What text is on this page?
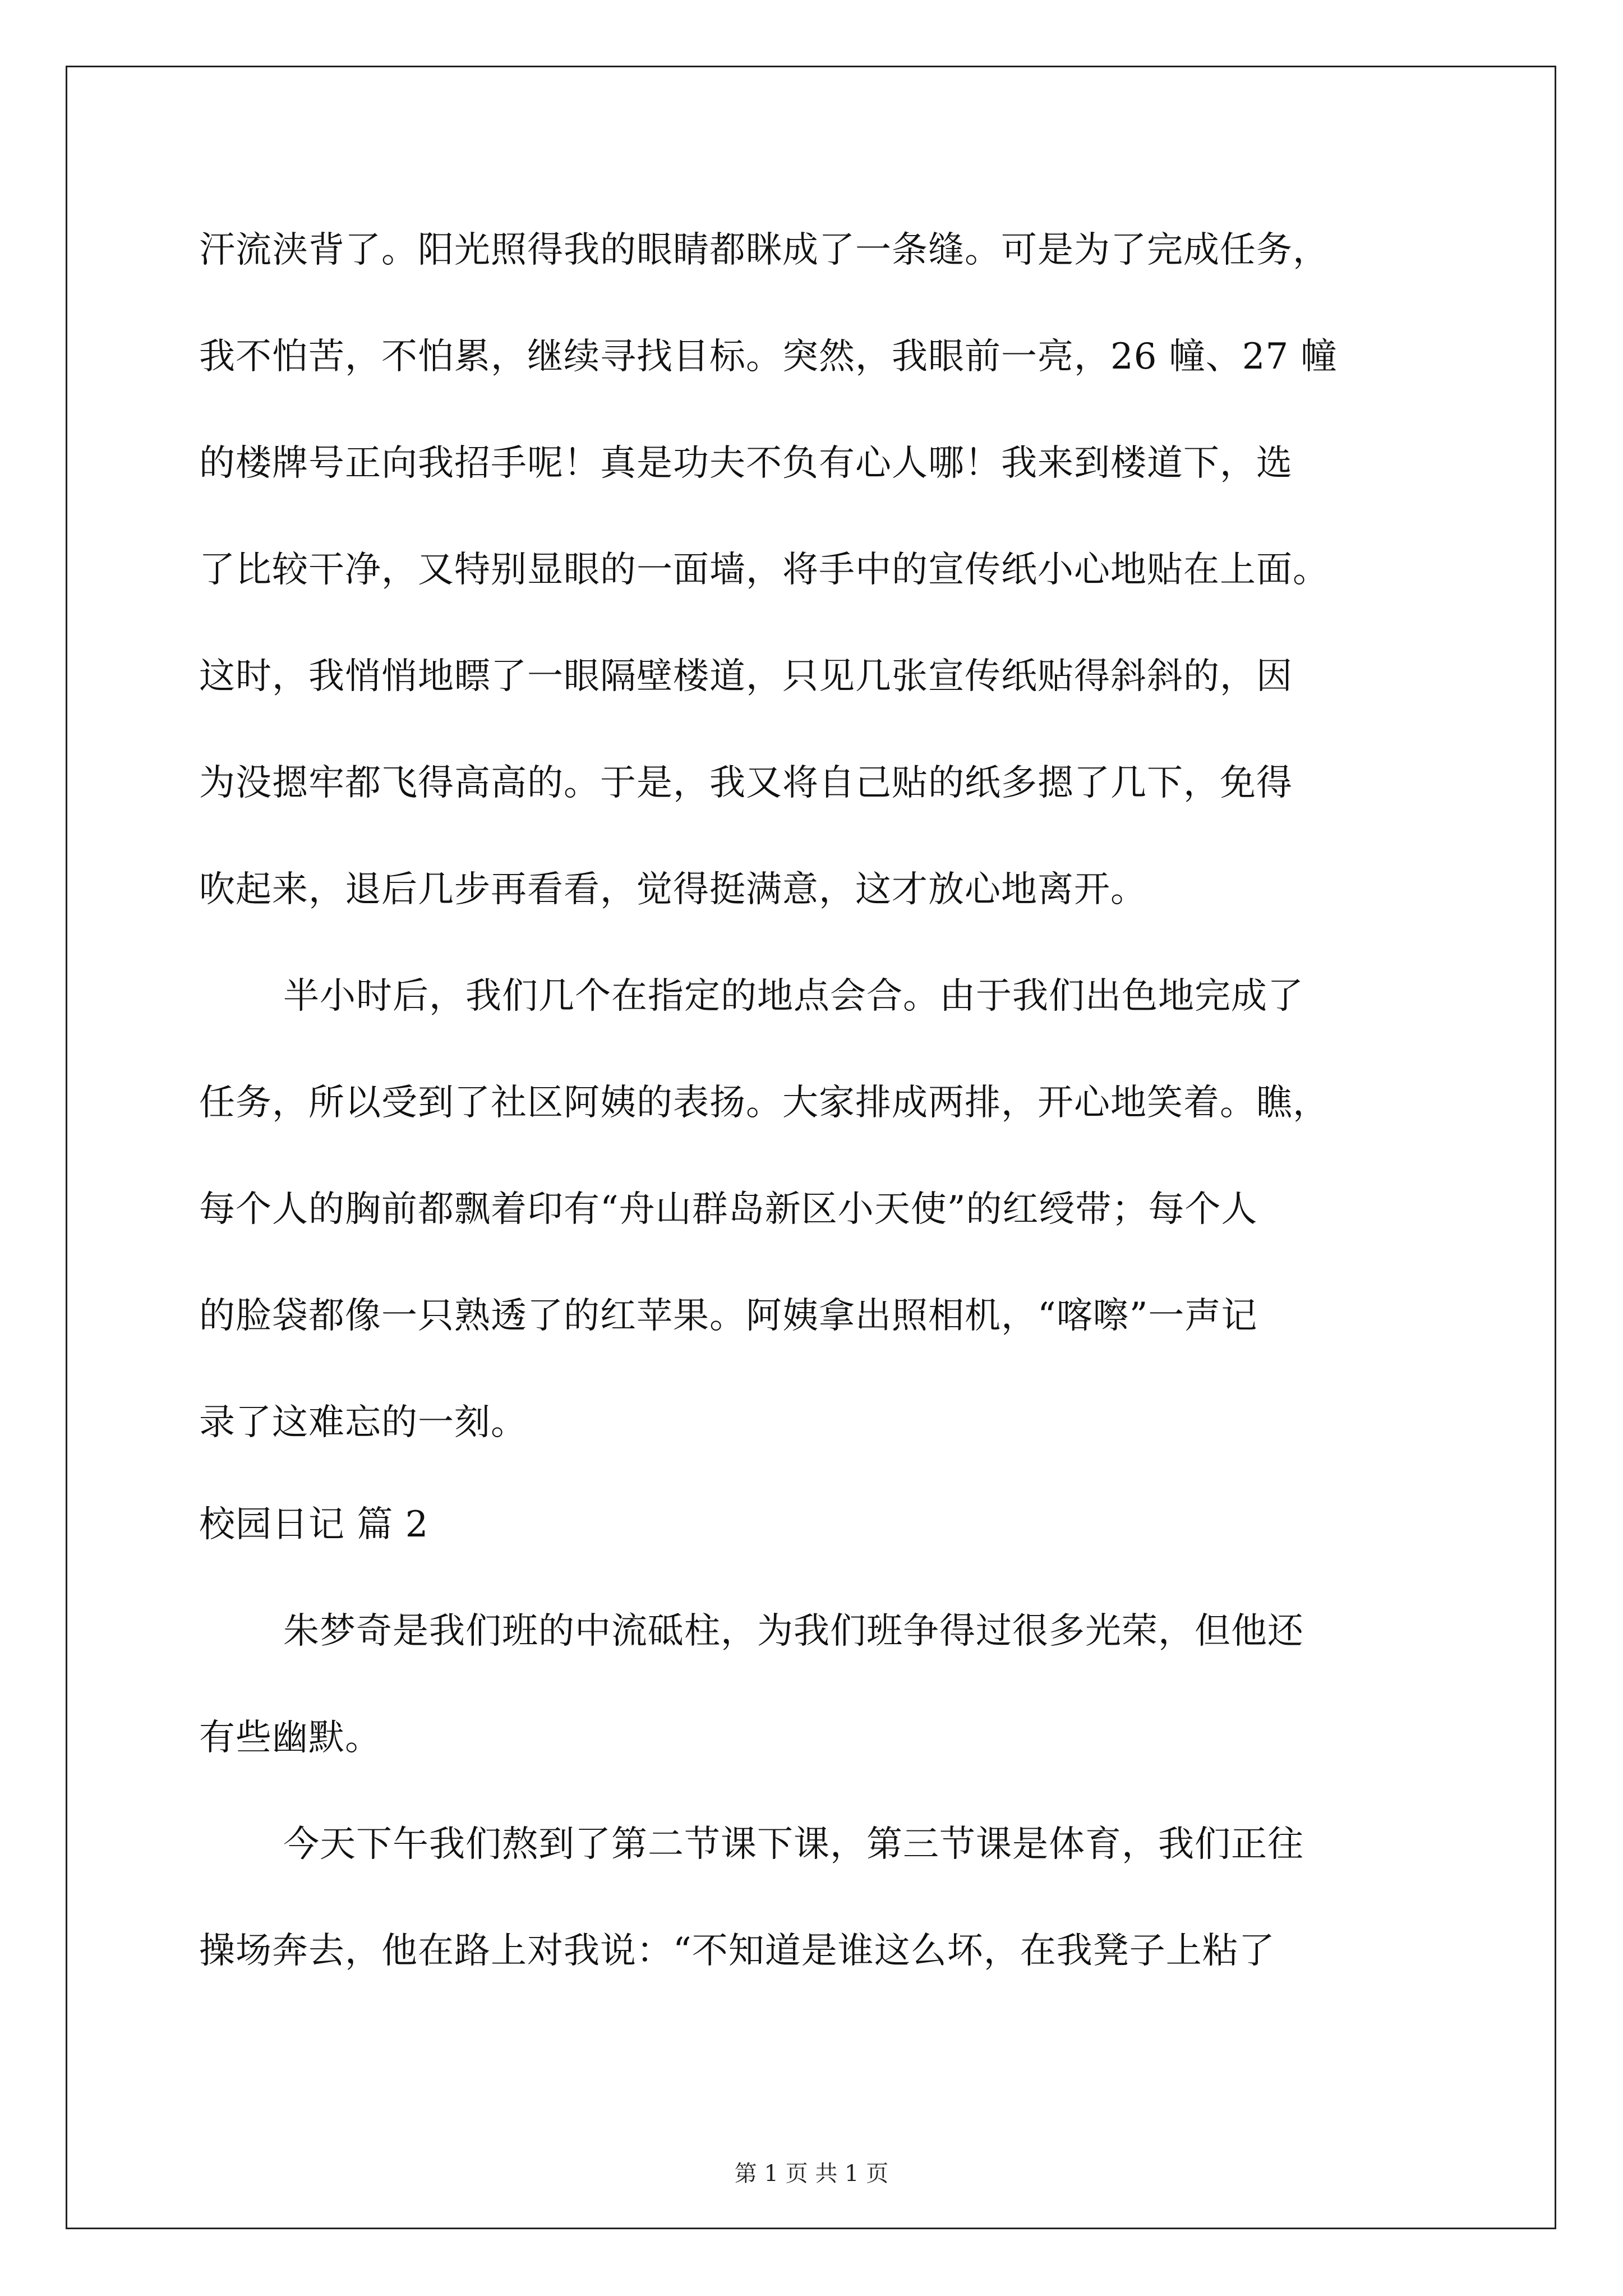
汗流浃背了。阳光照得我的眼睛都眯成了一条缝。可是为了完成任务，
我不怕苦，不怕累，继续寻找目标。突然，我眼前一亮，26 幢、27 幢
的楼牌号正向我招手呢！真是功夫不负有心人哪！我来到楼道下，选
了比较干净，又特别显眼的一面墙，将手中的宣传纸小心地贴在上面。
这时，我悄悄地瞟了一眼隔壁楼道，只见几张宣传纸贴得斜斜的，因
为没摁牢都飞得高高的。于是，我又将自己贴的纸多摁了几下，免得
吹起来，退后几步再看看，觉得挺满意，这才放心地离开。
半小时后，我们几个在指定的地点会合。由于我们出色地完成了
任务，所以受到了社区阿姨的表扬。大家排成两排，开心地笑着。瞧，
每个人的胸前都飘着印有“舟山群岛新区小天使”的红绶带；每个人
的脸袋都像一只熟透了的红苹果。阿姨拿出照相机，“喀嚓”一声记
录了这难忘的一刻。
校园日记 篇 2
朱梦奇是我们班的中流砥柱，为我们班争得过很多光荣，但他还
有些幽默。
今天下午我们熬到了第二节课下课，第三节课是体育，我们正往
操场奔去，他在路上对我说：“不知道是谁这么坏，在我凳子上粘了
第 1 页 共 1 页
